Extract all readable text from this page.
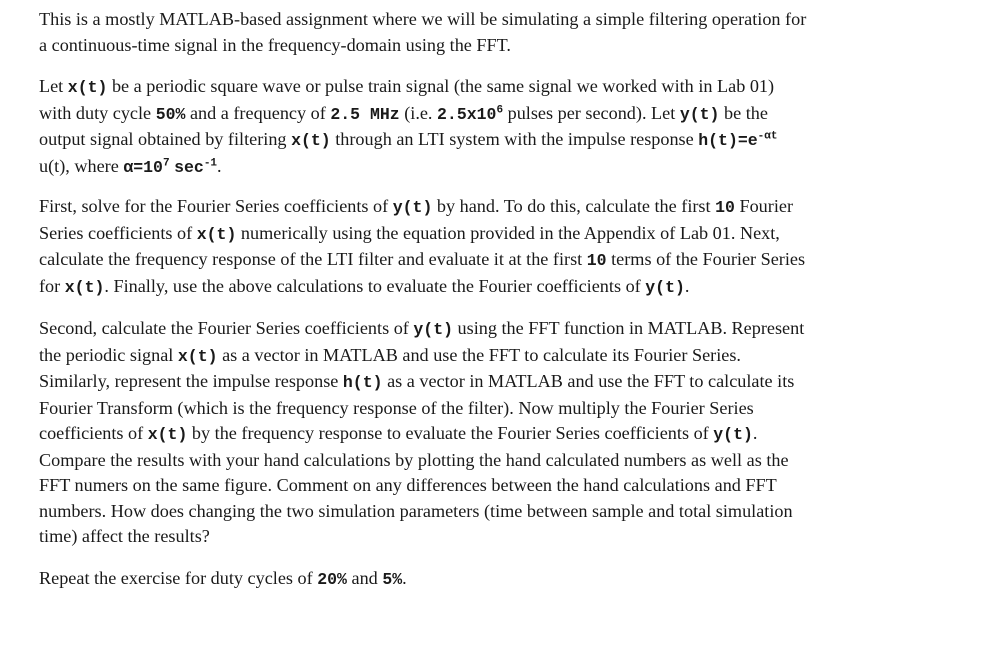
This is a mostly MATLAB-based assignment where we will be simulating a simple filtering operation for
a continuous-time signal in the frequency-domain using the FFT.
Let x(t) be a periodic square wave or pulse train signal (the same signal we worked with in Lab 01)
with duty cycle 50% and a frequency of 2.5 MHz (i.e. $2.5x10^6$ pulses per second). Let y(t) be the
output signal obtained by filtering x(t) through an LTI system with the impulse response $h(t)=e^{-\alpha t}$
u(t), where $\alpha=10^7$ $\sec^{-1}$.
First, solve for the Fourier Series coefficients of y(t) by hand. To do this, calculate the first 10 Fourier
Series coefficients of x(t) numerically using the equation provided in the Appendix of Lab 01. Next,
calculate the frequency response of the LTI filter and evaluate it at the first 10 terms of the Fourier Series
for x(t). Finally, use the above calculations to evaluate the Fourier coefficients of y(t).
Second, calculate the Fourier Series coefficients of y(t) using the FFT function in MATLAB. Represent
the periodic signal x(t) as a vector in MATLAB and use the FFT to calculate its Fourier Series.
Similarly, represent the impulse response h(t) as a vector in MATLAB and use the FFT to calculate its
Fourier Transform (which is the frequency response of the filter). Now multiply the Fourier Series
coefficients of x(t) by the frequency response to evaluate the Fourier Series coefficients of y(t).
Compare the results with your hand calculations by plotting the hand calculated numbers as well as the
FFT numers on the same figure. Comment on any differences between the hand calculations and FFT
numbers. How does changing the two simulation parameters (time between sample and total simulation
time) affect the results?
Repeat the exercise for duty cycles of 20% and 5%.
